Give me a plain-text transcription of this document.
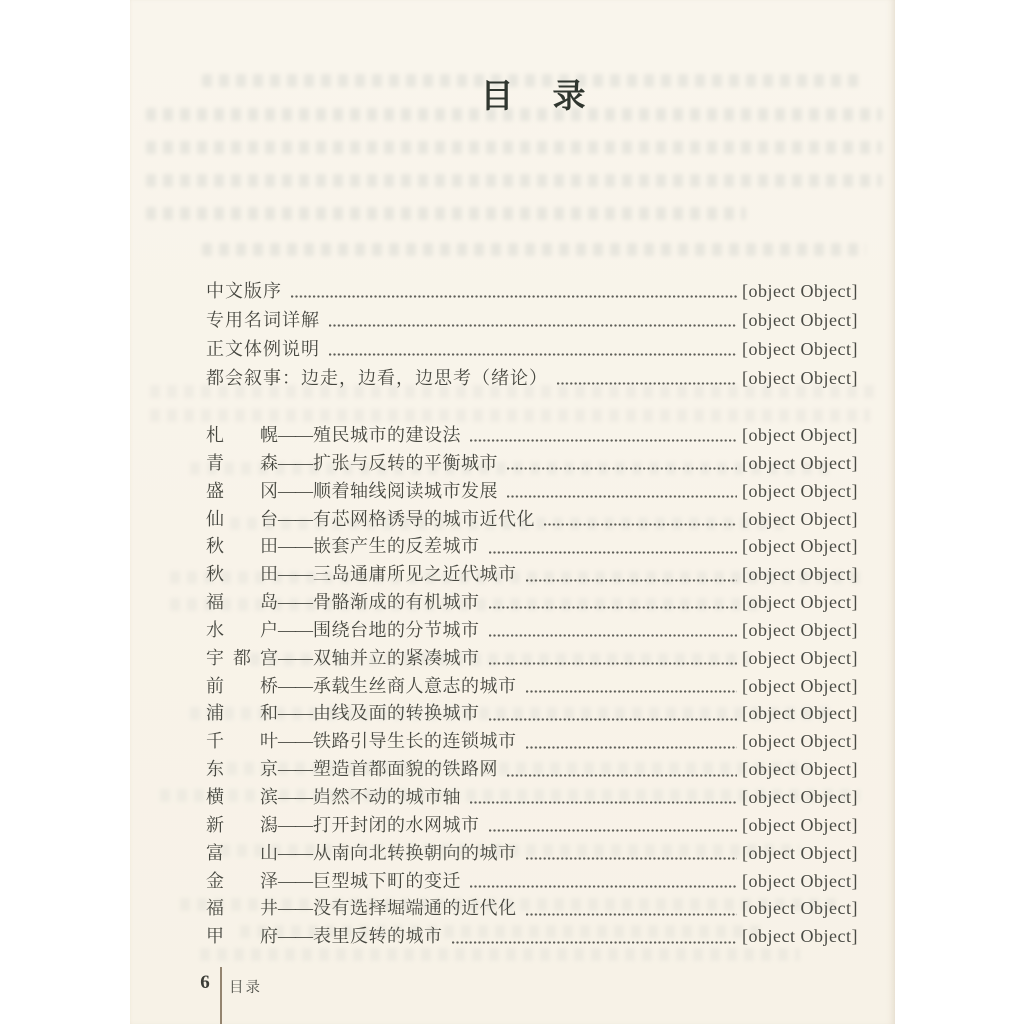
目　录
中文版序	[object Object]
专用名词详解	[object Object]
正文体例说明	[object Object]
都会叙事：边走，边看，边思考（绪论）	[object Object]
札 幌 —— 殖民城市的建设法	[object Object]
青 森 —— 扩张与反转的平衡城市	[object Object]
盛 冈 —— 顺着轴线阅读城市发展	[object Object]
仙 台 —— 有芯网格诱导的城市近代化	[object Object]
秋 田 —— 嵌套产生的反差城市	[object Object]
秋 田 —— 三岛通庸所见之近代城市	[object Object]
福 岛 —— 骨骼渐成的有机城市	[object Object]
水 户 —— 围绕台地的分节城市	[object Object]
宇都宫 —— 双轴并立的紧凑城市	[object Object]
前 桥 —— 承载生丝商人意志的城市	[object Object]
浦 和 —— 由线及面的转换城市	[object Object]
千 叶 —— 铁路引导生长的连锁城市	[object Object]
东 京 —— 塑造首都面貌的铁路网	[object Object]
横 滨 —— 岿然不动的城市轴	[object Object]
新 潟 —— 打开封闭的水网城市	[object Object]
富 山 —— 从南向北转换朝向的城市	[object Object]
金 泽 —— 巨型城下町的变迁	[object Object]
福 井 —— 没有选择堀端通的近代化	[object Object]
甲 府 —— 表里反转的城市	[object Object]
6	目录
